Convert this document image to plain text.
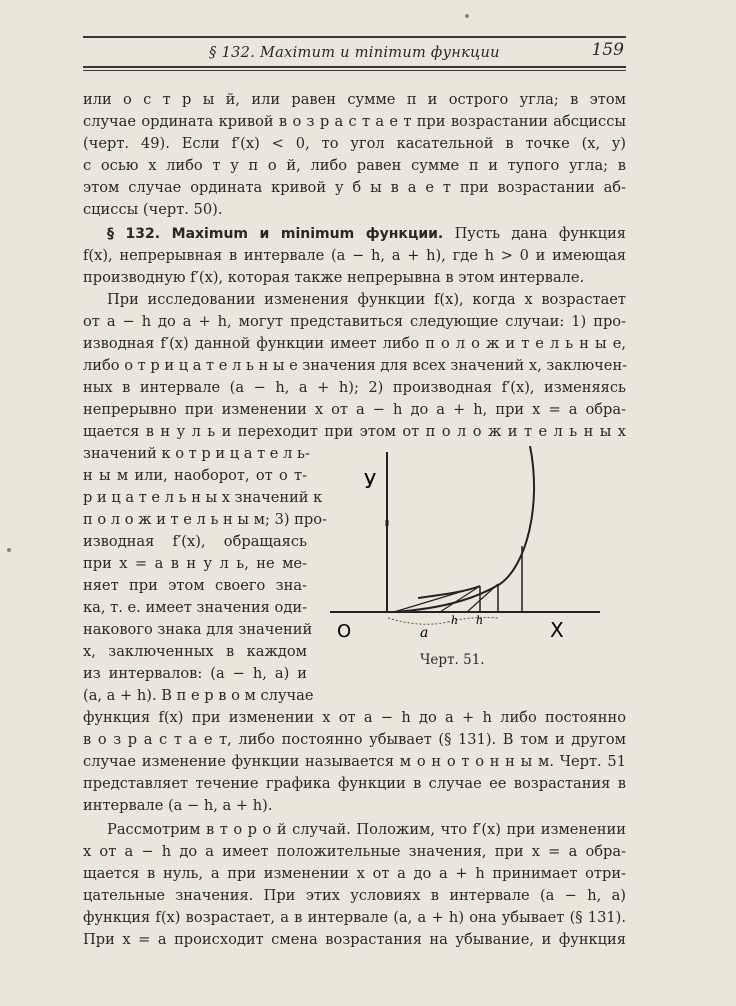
§ 132. Maximum и minimum функции	159
или о с т р ы й, или равен сумме π и острого угла; в этом
случае ордината кривой в о з р а с т а е т при возрастании абсциссы
(черт. 49). Если f′(x) < 0, то угол касательной в точке (x, y)
с осью x либо т у п о й, либо равен сумме π и тупого угла; в
этом случае ордината кривой у б ы в а е т при возрастании аб-
сциссы (черт. 50).
§ 132. Maximum и minimum функции. Пусть дана функция
f(x), непрерывная в интервале (a − h, a + h), где h > 0 и имеющая
производную f′(x), которая также непрерывна в этом интервале.
При исследовании изменения функции f(x), когда x возрастает
от a − h до a + h, могут представиться следующие случаи: 1) про-
изводная f′(x) данной функции имеет либо п о л о ж и т е л ь н ы е,
либо о т р и ц а т е л ь н ы е значения для всех значений x, заключен-
ных в интервале (a − h, a + h); 2) производная f′(x), изменяясь
непрерывно при изменении x от a − h до a + h, при x = a обра-
щается в н у л ь и переходит при этом от п о л о ж и т е л ь н ы х
значений к о т р и ц а т е л ь-
н ы м или, наоборот, от о т-
р и ц а т е л ь н ы х значений к
п о л о ж и т е л ь н ы м; 3) про-
изводная f′(x), обращаясь
при x = a в н у л ь, не ме-
няет при этом своего зна-
ка, т. е. имеет значения оди-
накового знака для значений
x, заключенных в каждом
из интервалов: (a − h, a) и
(a, a + h). В п е р в о м случае
функция f(x) при изменении x от a − h до a + h либо постоянно
в о з р а с т а е т, либо постоянно убывает (§ 131). В том и другом
случае изменение функции называется м о н о т о н н ы м. Черт. 51
представляет течение графика функции в случае ее возрастания в
интервале (a − h, a + h).
Рассмотрим в т о р о й случай. Положим, что f′(x) при изменении
x от a − h до a имеет положительные значения, при x = a обра-
щается в нуль, а при изменении x от a до a + h принимает отри-
цательные значения. При этих условиях в интервале (a − h, a)
функция f(x) возрастает, а в интервале (a, a + h) она убывает (§ 131).
При x = a происходит смена возрастания на убывание, и функция
У
X
O	a
h h
Черт. 51.
